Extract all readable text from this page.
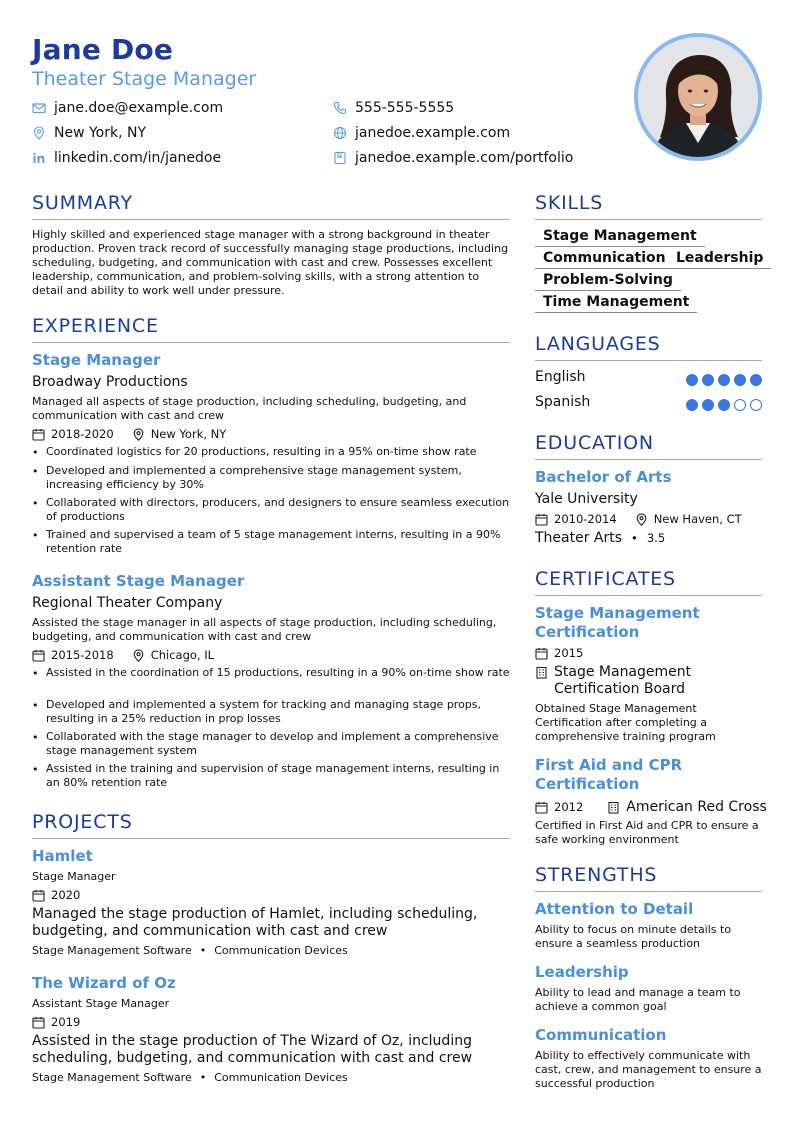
Jane Doe
Theater Stage Manager
jane.doe@example.com	555-555-5555
New York, NY	janedoe.example.com
linkedin.com/in/janedoe	janedoe.example.com/portfolio
SUMMARY
Highly skilled and experienced stage manager with a strong background in theater production. Proven track record of successfully managing stage productions, including scheduling, budgeting, and communication with cast and crew. Possesses excellent leadership, communication, and problem-solving skills, with a strong attention to detail and ability to work well under pressure.
EXPERIENCE
Stage Manager
Broadway Productions
Managed all aspects of stage production, including scheduling, budgeting, and communication with cast and crew
2018-2020	New York, NY
• Coordinated logistics for 20 productions, resulting in a 95% on-time show rate
• Developed and implemented a comprehensive stage management system, increasing efficiency by 30%
• Collaborated with directors, producers, and designers to ensure seamless execution of productions
• Trained and supervised a team of 5 stage management interns, resulting in a 90% retention rate
Assistant Stage Manager
Regional Theater Company
Assisted the stage manager in all aspects of stage production, including scheduling, budgeting, and communication with cast and crew
2015-2018	Chicago, IL
• Assisted in the coordination of 15 productions, resulting in a 90% on-time show rate
• Developed and implemented a system for tracking and managing stage props, resulting in a 25% reduction in prop losses
• Collaborated with the stage manager to develop and implement a comprehensive stage management system
• Assisted in the training and supervision of stage management interns, resulting in an 80% retention rate
PROJECTS
Hamlet
Stage Manager
2020
Managed the stage production of Hamlet, including scheduling, budgeting, and communication with cast and crew
Stage Management Software • Communication Devices
The Wizard of Oz
Assistant Stage Manager
2019
Assisted in the stage production of The Wizard of Oz, including scheduling, budgeting, and communication with cast and crew
Stage Management Software • Communication Devices
SKILLS
Stage Management
Communication Leadership
Problem-Solving
Time Management
LANGUAGES
English
Spanish
EDUCATION
Bachelor of Arts
Yale University
2010-2014	New Haven, CT
Theater Arts • 3.5
CERTIFICATES
Stage Management Certification
2015
Stage Management Certification Board
Obtained Stage Management Certification after completing a comprehensive training program
First Aid and CPR Certification
2012	American Red Cross
Certified in First Aid and CPR to ensure a safe working environment
STRENGTHS
Attention to Detail
Ability to focus on minute details to ensure a seamless production
Leadership
Ability to lead and manage a team to achieve a common goal
Communication
Ability to effectively communicate with cast, crew, and management to ensure a successful production
